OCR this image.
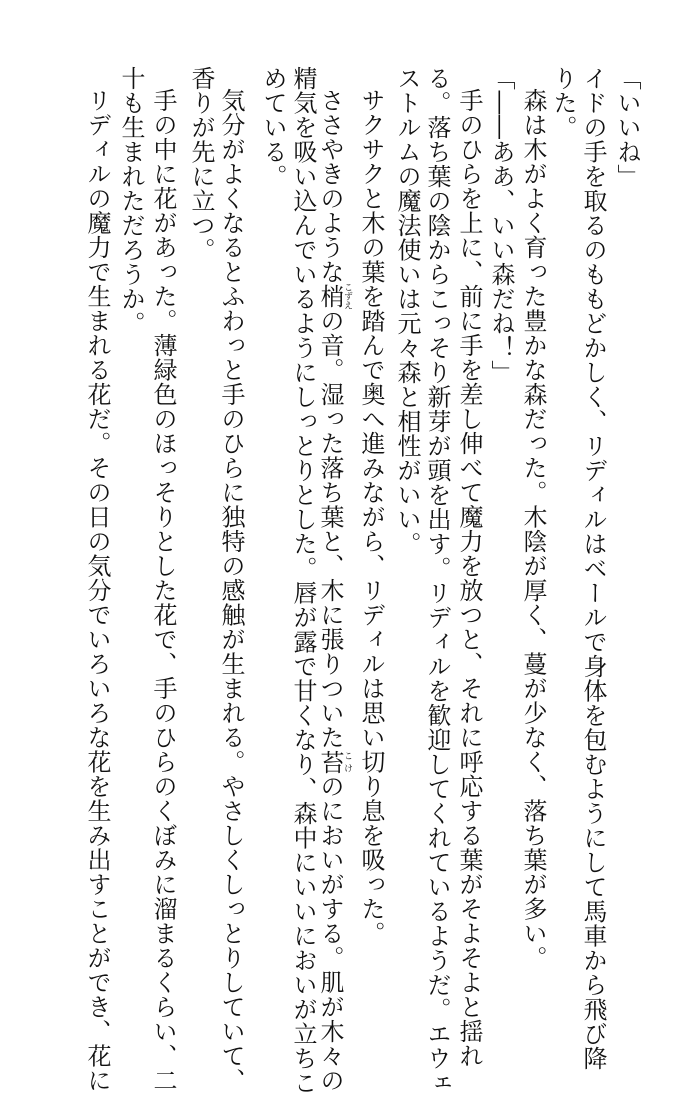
「いいね」
イドの手を取るのももどかしく、リディルはベールで身体を包むようにして馬車から飛び降
りた。
森は木がよく育った豊かな森だった。木陰が厚く、蔓が少なく、落ち葉が多い。
「――ああ、いい森だね！」
手のひらを上に、前に手を差し伸べて魔力を放つと、それに呼応する葉がそよそよと揺れ
る。落ち葉の陰からこっそり新芽が頭を出す。リディルを歓迎してくれているようだ。エウェ
ストルムの魔法使いは元々森と相性がいい。
サクサクと木の葉を踏んで奥へ進みながら、リディルは思い切り息を吸った。
ささやきのような梢こずえの音。湿った落ち葉と、木に張りついた苔こけのにおいがする。肌が木々の
精気を吸い込んでいるようにしっとりとした。唇が露で甘くなり、森中にいいにおいが立ちこ
めている。
気分がよくなるとふわっと手のひらに独特の感触が生まれる。やさしくしっとりしていて、
香りが先に立つ。
手の中に花があった。薄緑色のほっそりとした花で、手のひらのくぼみに溜まるくらい、二
十も生まれただろうか。
リディルの魔力で生まれる花だ。その日の気分でいろいろな花を生み出すことができ、花に
